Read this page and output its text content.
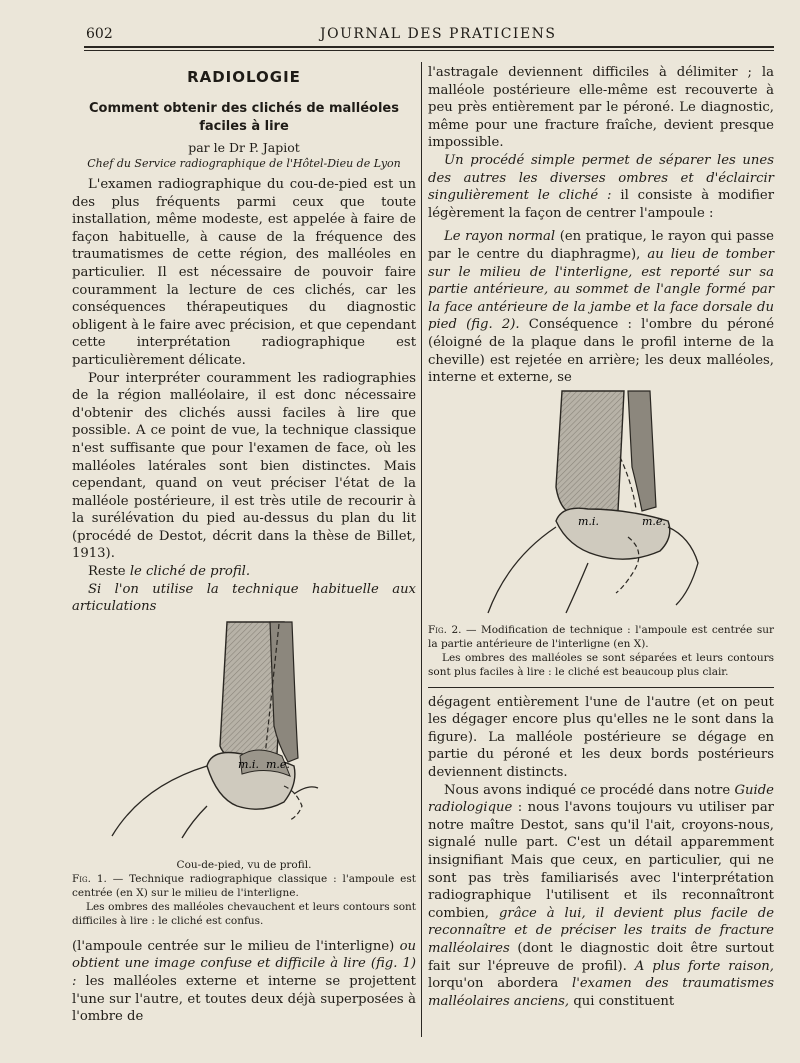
602	JOURNAL DES PRATICIENS
RADIOLOGIE
Comment obtenir des clichés de malléoles faciles à lire
par le Dr P. Japiot
Chef du Service radiographique de l'Hôtel-Dieu de Lyon

L'examen radiographique du cou-de-pied est un des plus fréquents parmi ceux que toute installation, même modeste, est appelée à faire de façon habituelle, à cause de la fréquence des traumatismes de cette région, des malléoles en particulier. Il est nécessaire de pouvoir faire couramment la lecture de ces clichés, car les conséquences thérapeutiques du diagnostic obligent à le faire avec précision, et que cependant cette interprétation radiographique est particulièrement délicate.

Pour interpréter couramment les radiographies de la région malléolaire, il est donc nécessaire d'obtenir des clichés aussi faciles à lire que possible. A ce point de vue, la technique classique n'est suffisante que pour l'examen de face, où les malléoles latérales sont bien distinctes. Mais cependant, quand on veut préciser l'état de la malléole postérieure, il est très utile de recourir à la surélévation du pied au-dessus du plan du lit (procédé de Destot, décrit dans la thèse de Billet, 1913).

Reste le cliché de profil.

Si l'on utilise la technique habituelle aux articulations

m.i. m.e.
Cou-de-pied, vu de profil.
Fig. 1. — Technique radiographique classique : l'ampoule est centrée (en X) sur le milieu de l'interligne.
Les ombres des malléoles chevauchent et leurs contours sont difficiles à lire : le cliché est confus.

(l'ampoule centrée sur le milieu de l'interligne) ou obtient une image confuse et difficile à lire (fig. 1) : les malléoles externe et interne se projettent l'une sur l'autre, et toutes deux déjà superposées à l'ombre de

l'astragale deviennent difficiles à délimiter ; la malléole postérieure elle-même est recouverte à peu près entièrement par le péroné. Le diagnostic, même pour une fracture fraîche, devient presque impossible.

Un procédé simple permet de séparer les unes des autres les diverses ombres et d'éclaircir singulièrement le cliché : il consiste à modifier légèrement la façon de centrer l'ampoule :

Le rayon normal (en pratique, le rayon qui passe par le centre du diaphragme), au lieu de tomber sur le milieu de l'interligne, est reporté sur sa partie antérieure, au sommet de l'angle formé par la face antérieure de la jambe et la face dorsale du pied (fig. 2). Conséquence : l'ombre du péroné (éloigné de la plaque dans le profil interne de la cheville) est rejetée en arrière; les deux malléoles, interne et externe, se

m.i.	m.e.
Fig. 2. — Modification de technique : l'ampoule est centrée sur la partie antérieure de l'interligne (en X).
Les ombres des malléoles se sont séparées et leurs contours sont plus faciles à lire : le cliché est beaucoup plus clair.

dégagent entièrement l'une de l'autre (et on peut les dégager encore plus qu'elles ne le sont dans la figure). La malléole postérieure se dégage en partie du péroné et les deux bords postérieurs deviennent distincts.

Nous avons indiqué ce procédé dans notre Guide radiologique : nous l'avons toujours vu utiliser par notre maître Destot, sans qu'il l'ait, croyons-nous, signalé nulle part. C'est un détail apparemment insignifiant Mais que ceux, en particulier, qui ne sont pas très familiarisés avec l'interprétation radiographique l'utilisent et ils reconnaîtront combien, grâce à lui, il devient plus facile de reconnaître et de préciser les traits de fracture malléolaires (dont le diagnostic doit être surtout fait sur l'épreuve de profil). A plus forte raison, lorqu'on abordera l'examen des traumatismes malléolaires anciens, qui constituent
